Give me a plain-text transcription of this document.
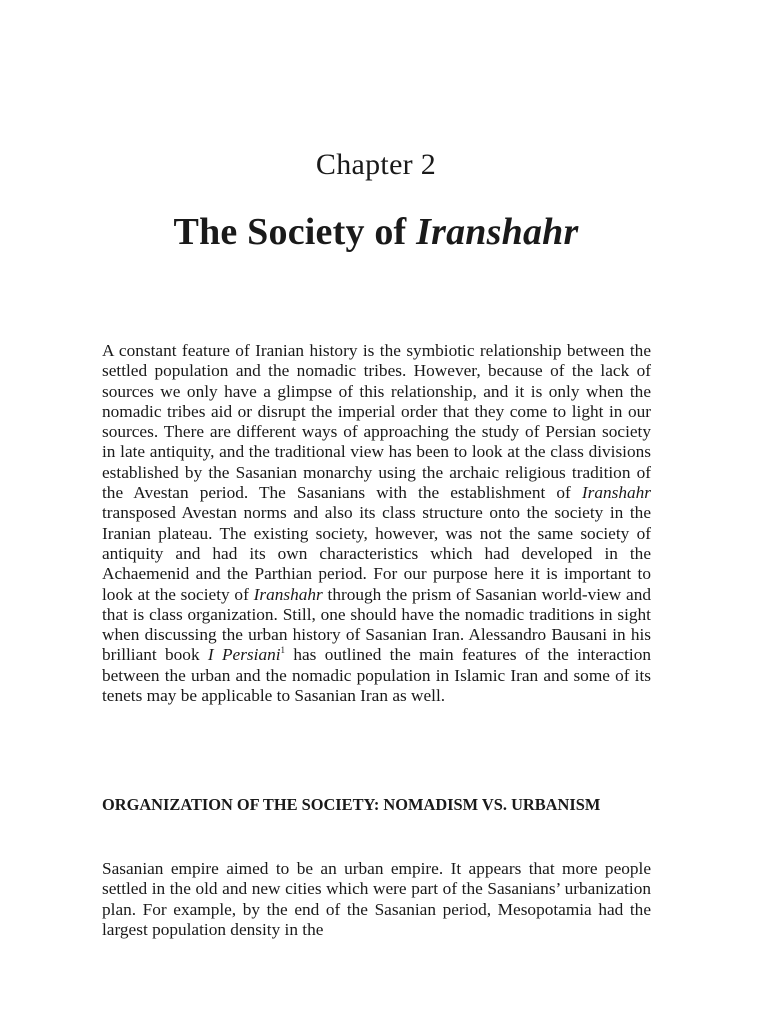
Chapter 2
The Society of Iranshahr

A constant feature of Iranian history is the symbiotic relationship between the settled population and the nomadic tribes. However, because of the lack of sources we only have a glimpse of this relationship, and it is only when the nomadic tribes aid or disrupt the imperial order that they come to light in our sources. There are different ways of approaching the study of Persian society in late antiquity, and the traditional view has been to look at the class divisions established by the Sasanian monarchy using the archaic religious tradition of the Avestan period. The Sasanians with the establishment of Iranshahr transposed Avestan norms and also its class structure onto the society in the Iranian plateau. The existing society, however, was not the same society of antiquity and had its own characteristics which had developed in the Achaemenid and the Parthian period. For our purpose here it is important to look at the society of Iranshahr through the prism of Sasanian world-view and that is class organization. Still, one should have the nomadic traditions in sight when discussing the urban history of Sasanian Iran. Alessandro Bausani in his brilliant book I Persiani$^1$ has outlined the main features of the interaction between the urban and the nomadic population in Islamic Iran and some of its tenets may be applicable to Sasanian Iran as well.

ORGANIZATION OF THE SOCIETY: NOMADISM VS. URBANISM

Sasanian empire aimed to be an urban empire. It appears that more people settled in the old and new cities which were part of the Sasanians’ urbanization plan. For example, by the end of the Sasanian period, Mesopotamia had the largest population density in the
